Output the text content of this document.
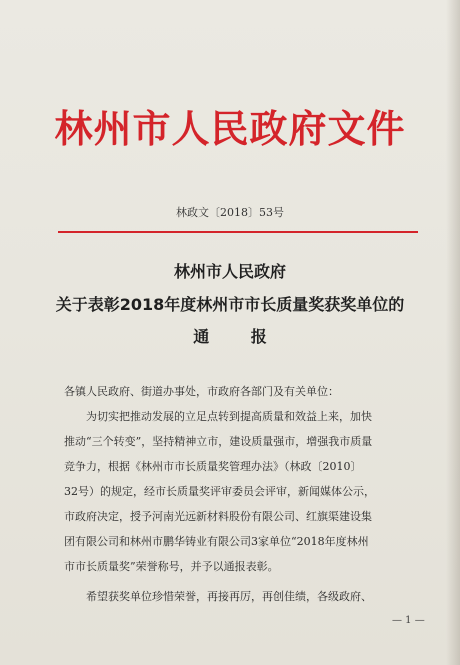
林州市人民政府文件
林政文〔2018〕53号
林州市人民政府
关于表彰2018年度林州市市长质量奖获奖单位的
通 报
各镇人民政府、街道办事处，市政府各部门及有关单位：
为切实把推动发展的立足点转到提高质量和效益上来，加快
推动“三个转变”，坚持精神立市，建设质量强市，增强我市质量
竞争力，根据《林州市市长质量奖管理办法》（林政〔2010〕
32号）的规定，经市长质量奖评审委员会评审，新闻媒体公示，
市政府决定，授予河南光远新材料股份有限公司、红旗渠建设集
团有限公司和林州市鹏华铸业有限公司3家单位“2018年度林州
市市长质量奖”荣誉称号，并予以通报表彰。
希望获奖单位珍惜荣誉，再接再厉，再创佳绩，各级政府、
— 1 —
